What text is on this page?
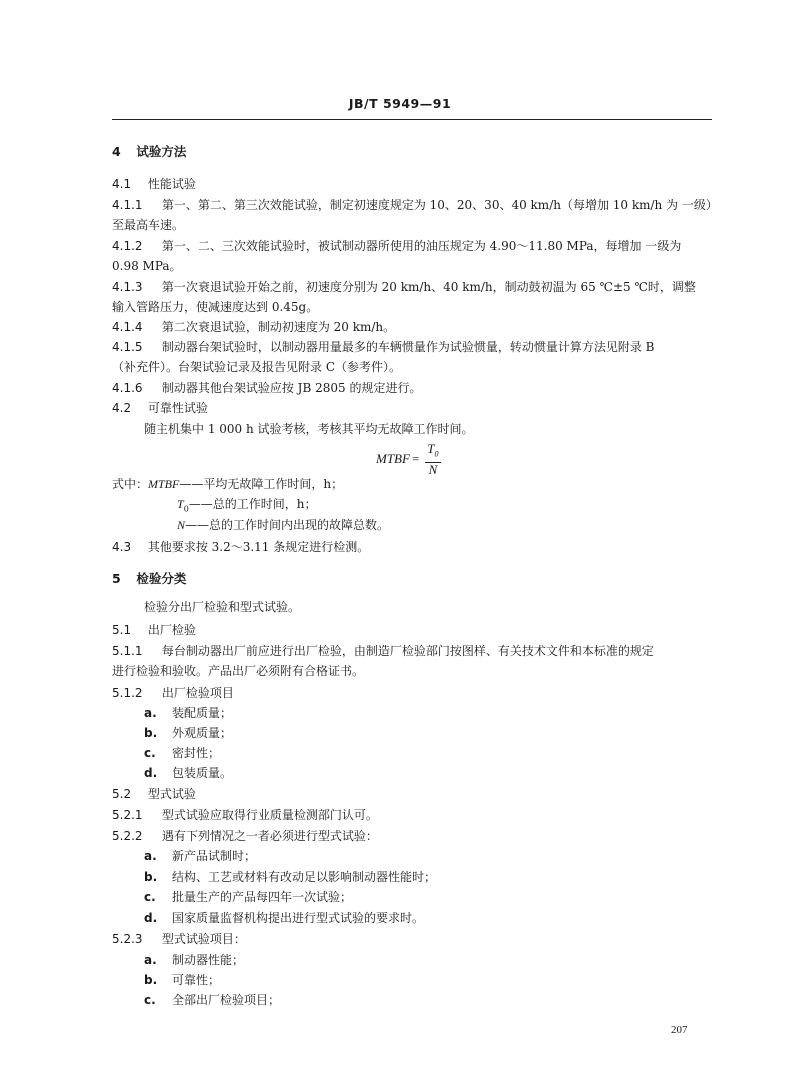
JB/T 5949—91
4 试验方法
4.1 性能试验
4.1.1 第一、第二、第三次效能试验，制定初速度规定为 10、20、30、40 km/h（每增加 10 km/h 为 一级）
至最高车速。
4.1.2 第一、二、三次效能试验时，被试制动器所使用的油压规定为 4.90～11.80 MPa，每增加 一级为
0.98 MPa。
4.1.3 第一次衰退试验开始之前，初速度分别为 20 km/h、40 km/h，制动鼓初温为 65 ℃±5 ℃时，调整
输入管路压力，使减速度达到 0.45g。
4.1.4 第二次衰退试验，制动初速度为 20 km/h。
4.1.5 制动器台架试验时，以制动器用量最多的车辆惯量作为试验惯量，转动惯量计算方法见附录 B
（补充件）。台架试验记录及报告见附录 C（参考件）。
4.1.6 制动器其他台架试验应按 JB 2805 的规定进行。
4.2 可靠性试验
随主机集中 1 000 h 试验考核，考核其平均无故障工作时间。
MTBF = $\frac{T_0}{N}$
式中：MTBF——平均无故障工作时间，h；
$T_0——$总的工作时间，h；
N——总的工作时间内出现的故障总数。
4.3 其他要求按 3.2～3.11 条规定进行检测。
5 检验分类
检验分出厂检验和型式试验。
5.1 出厂检验
5.1.1 每台制动器出厂前应进行出厂检验，由制造厂检验部门按图样、有关技术文件和本标准的规定
进行检验和验收。产品出厂必须附有合格证书。
5.1.2 出厂检验项目
a. 装配质量；
b. 外观质量；
c. 密封性；
d. 包装质量。
5.2 型式试验
5.2.1 型式试验应取得行业质量检测部门认可。
5.2.2 遇有下列情况之一者必须进行型式试验：
a. 新产品试制时；
b. 结构、工艺或材料有改动足以影响制动器性能时；
c. 批量生产的产品每四年一次试验；
d. 国家质量监督机构提出进行型式试验的要求时。
5.2.3 型式试验项目：
a. 制动器性能；
b. 可靠性；
c. 全部出厂检验项目；
207
